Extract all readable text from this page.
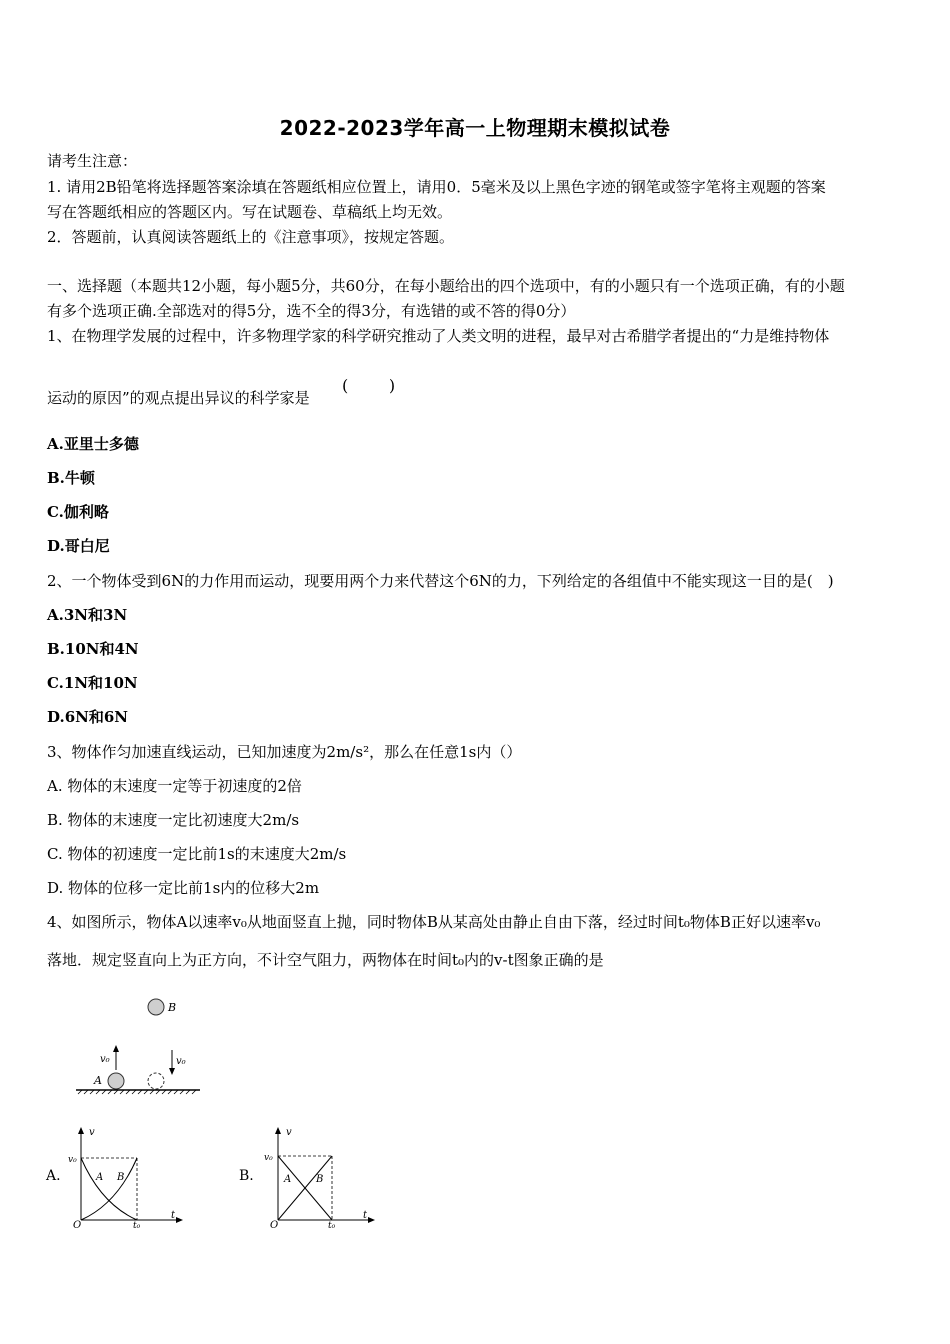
2022-2023学年高一上物理期末模拟试卷
请考生注意：
1. 请用2B铅笔将选择题答案涂填在答题纸相应位置上，请用0．5毫米及以上黑色字迹的钢笔或签字笔将主观题的答案
写在答题纸相应的答题区内。写在试题卷、草稿纸上均无效。
2．答题前，认真阅读答题纸上的《注意事项》，按规定答题。
一、选择题（本题共12小题，每小题5分，共60分，在每小题给出的四个选项中，有的小题只有一个选项正确，有的小题
有多个选项正确.全部选对的得5分，选不全的得3分，有选错的或不答的得0分）
1、在物理学发展的过程中，许多物理学家的科学研究推动了人类文明的进程，最早对古希腊学者提出的“力是维持物体
运动的原因”的观点提出异议的科学家是
(        )
A.亚里士多德
B.牛顿
C.伽利略
D.哥白尼
2、一个物体受到6N的力作用而运动，现要用两个力来代替这个6N的力，下列给定的各组值中不能实现这一目的是(　)
A.3N和3N
B.10N和4N
C.1N和10N
D.6N和6N
3、物体作匀加速直线运动，已知加速度为2m/s²，那么在任意1s内（）
A. 物体的末速度一定等于初速度的2倍
B. 物体的末速度一定比初速度大2m/s
C. 物体的初速度一定比前1s的末速度大2m/s
D. 物体的位移一定比前1s内的位移大2m
4、如图所示，物体A以速率v₀从地面竖直上抛，同时物体B从某高处由静止自由下落，经过时间t₀物体B正好以速率v₀
落地．规定竖直向上为正方向，不计空气阻力，两物体在时间t₀内的v-t图象正确的是
B
v₀
A
v₀
A.
v
t
O
v₀
t₀
A B	B.
v
t
O
v₀
t₀
A B
